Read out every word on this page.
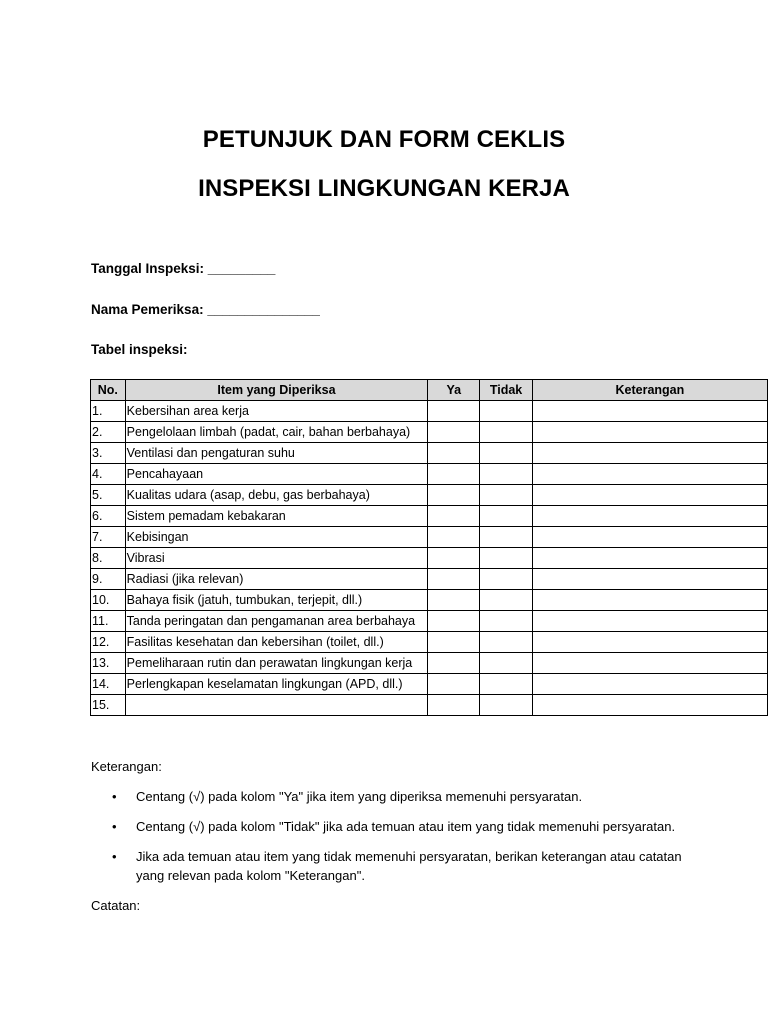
PETUNJUK DAN FORM CEKLIS
INSPEKSI LINGKUNGAN KERJA
Tanggal Inspeksi: _________
Nama Pemeriksa: _______________
Tabel inspeksi:
No.	Item yang Diperiksa	Ya	Tidak	Keterangan
1.	Kebersihan area kerja			
2.	Pengelolaan limbah (padat, cair, bahan berbahaya)			
3.	Ventilasi dan pengaturan suhu			
4.	Pencahayaan			
5.	Kualitas udara (asap, debu, gas berbahaya)			
6.	Sistem pemadam kebakaran			
7.	Kebisingan			
8.	Vibrasi			
9.	Radiasi (jika relevan)			
10.	Bahaya fisik (jatuh, tumbukan, terjepit, dll.)			
11.	Tanda peringatan dan pengamanan area berbahaya			
12.	Fasilitas kesehatan dan kebersihan (toilet, dll.)			
13.	Pemeliharaan rutin dan perawatan lingkungan kerja			
14.	Perlengkapan keselamatan lingkungan (APD, dll.)			
15.				
Keterangan:
• Centang (√) pada kolom "Ya" jika item yang diperiksa memenuhi persyaratan.
• Centang (√) pada kolom "Tidak" jika ada temuan atau item yang tidak memenuhi persyaratan.
• Jika ada temuan atau item yang tidak memenuhi persyaratan, berikan keterangan atau catatan yang relevan pada kolom "Keterangan".
Catatan:
